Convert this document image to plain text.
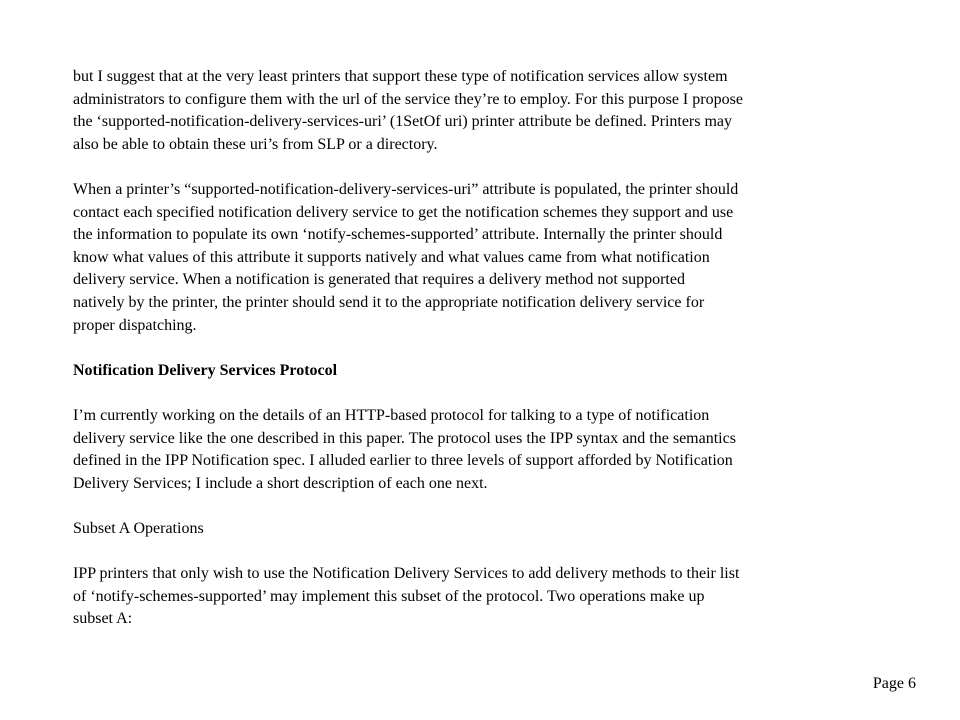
but I suggest that at the very least printers that support these type of notification services allow system
administrators to configure them with the url of the service they’re to employ. For this purpose I propose
the ‘supported-notification-delivery-services-uri’ (1SetOf uri) printer attribute be defined. Printers may
also be able to obtain these uri’s from SLP or a directory.
When a printer’s “supported-notification-delivery-services-uri” attribute is populated, the printer should
contact each specified notification delivery service to get the notification schemes they support and use
the information to populate its own ‘notify-schemes-supported’ attribute. Internally the printer should
know what values of this attribute it supports natively and what values came from what notification
delivery service. When a notification is generated that requires a delivery method not supported
natively by the printer, the printer should send it to the appropriate notification delivery service for
proper dispatching.
Notification Delivery Services Protocol
I’m currently working on the details of an HTTP-based protocol for talking to a type of notification
delivery service like the one described in this paper. The protocol uses the IPP syntax and the semantics
defined in the IPP Notification spec. I alluded earlier to three levels of support afforded by Notification
Delivery Services; I include a short description of each one next.
Subset A Operations
IPP printers that only wish to use the Notification Delivery Services to add delivery methods to their list
of ‘notify-schemes-supported’ may implement this subset of the protocol. Two operations make up
subset A:
Page 6
